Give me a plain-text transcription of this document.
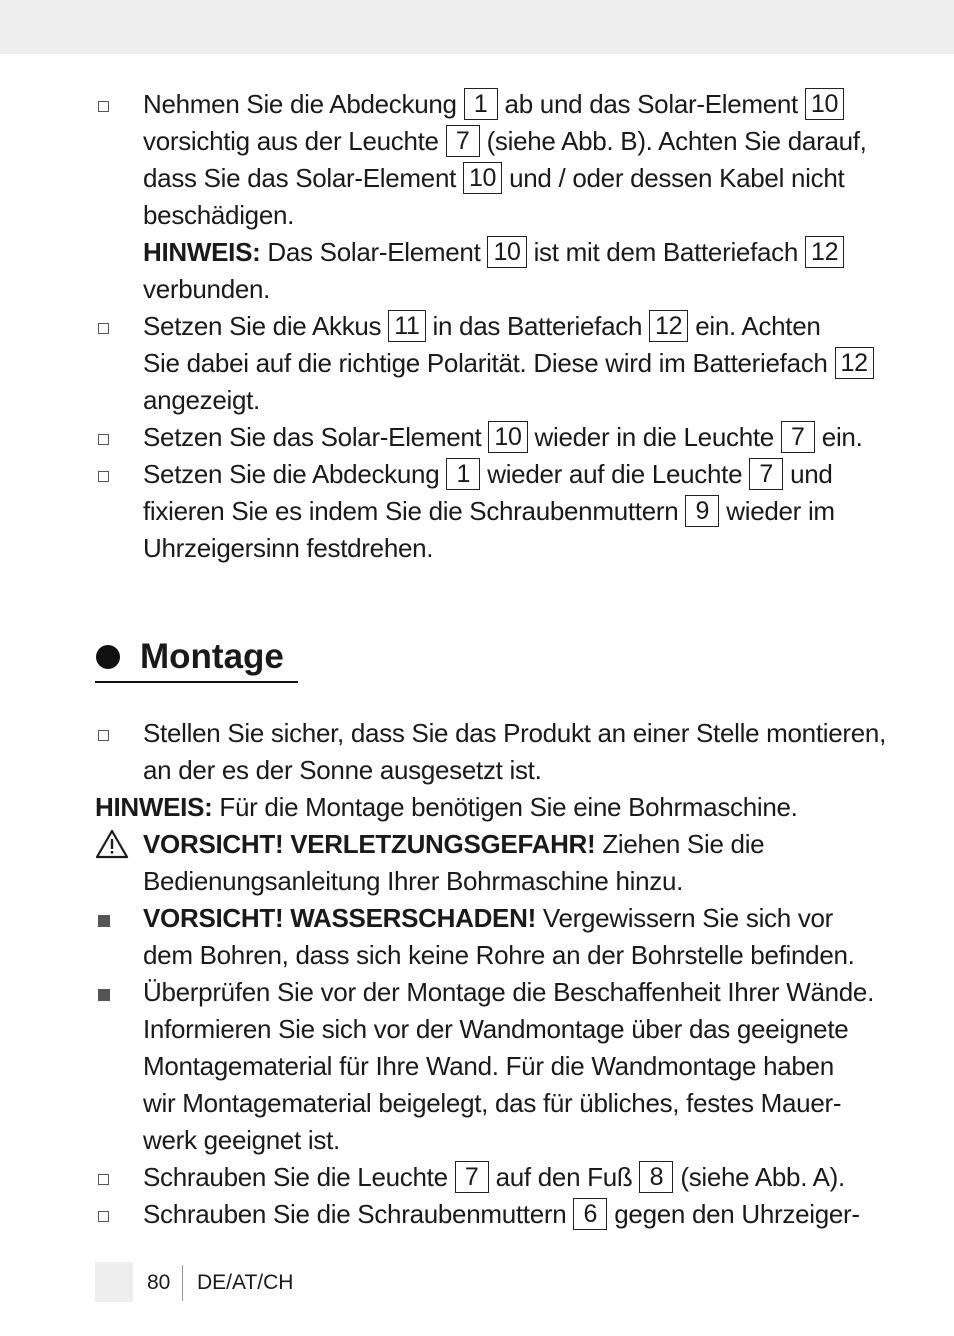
Nehmen Sie die Abdeckung 1 ab und das Solar-Element 10
vorsichtig aus der Leuchte 7 (siehe Abb. B). Achten Sie darauf,
dass Sie das Solar-Element 10 und / oder dessen Kabel nicht
beschädigen.
HINWEIS: Das Solar-Element 10 ist mit dem Batteriefach 12
verbunden.
Setzen Sie die Akkus 11 in das Batteriefach 12 ein. Achten
Sie dabei auf die richtige Polarität. Diese wird im Batteriefach 12
angezeigt.
Setzen Sie das Solar-Element 10 wieder in die Leuchte 7 ein.
Setzen Sie die Abdeckung 1 wieder auf die Leuchte 7 und
fixieren Sie es indem Sie die Schraubenmuttern 9 wieder im
Uhrzeigersinn festdrehen.
Montage
Stellen Sie sicher, dass Sie das Produkt an einer Stelle montieren,
an der es der Sonne ausgesetzt ist.
HINWEIS: Für die Montage benötigen Sie eine Bohrmaschine.
VORSICHT! VERLETZUNGSGEFAHR! Ziehen Sie die
Bedienungsanleitung Ihrer Bohrmaschine hinzu.
VORSICHT! WASSERSCHADEN! Vergewissern Sie sich vor
dem Bohren, dass sich keine Rohre an der Bohrstelle befinden.
Überprüfen Sie vor der Montage die Beschaffenheit Ihrer Wände.
Informieren Sie sich vor der Wandmontage über das geeignete
Montagematerial für Ihre Wand. Für die Wandmontage haben
wir Montagematerial beigelegt, das für übliches, festes Mauer-
werk geeignet ist.
Schrauben Sie die Leuchte 7 auf den Fuß 8 (siehe Abb. A).
Schrauben Sie die Schraubenmuttern 6 gegen den Uhrzeiger-
80 DE/AT/CH
